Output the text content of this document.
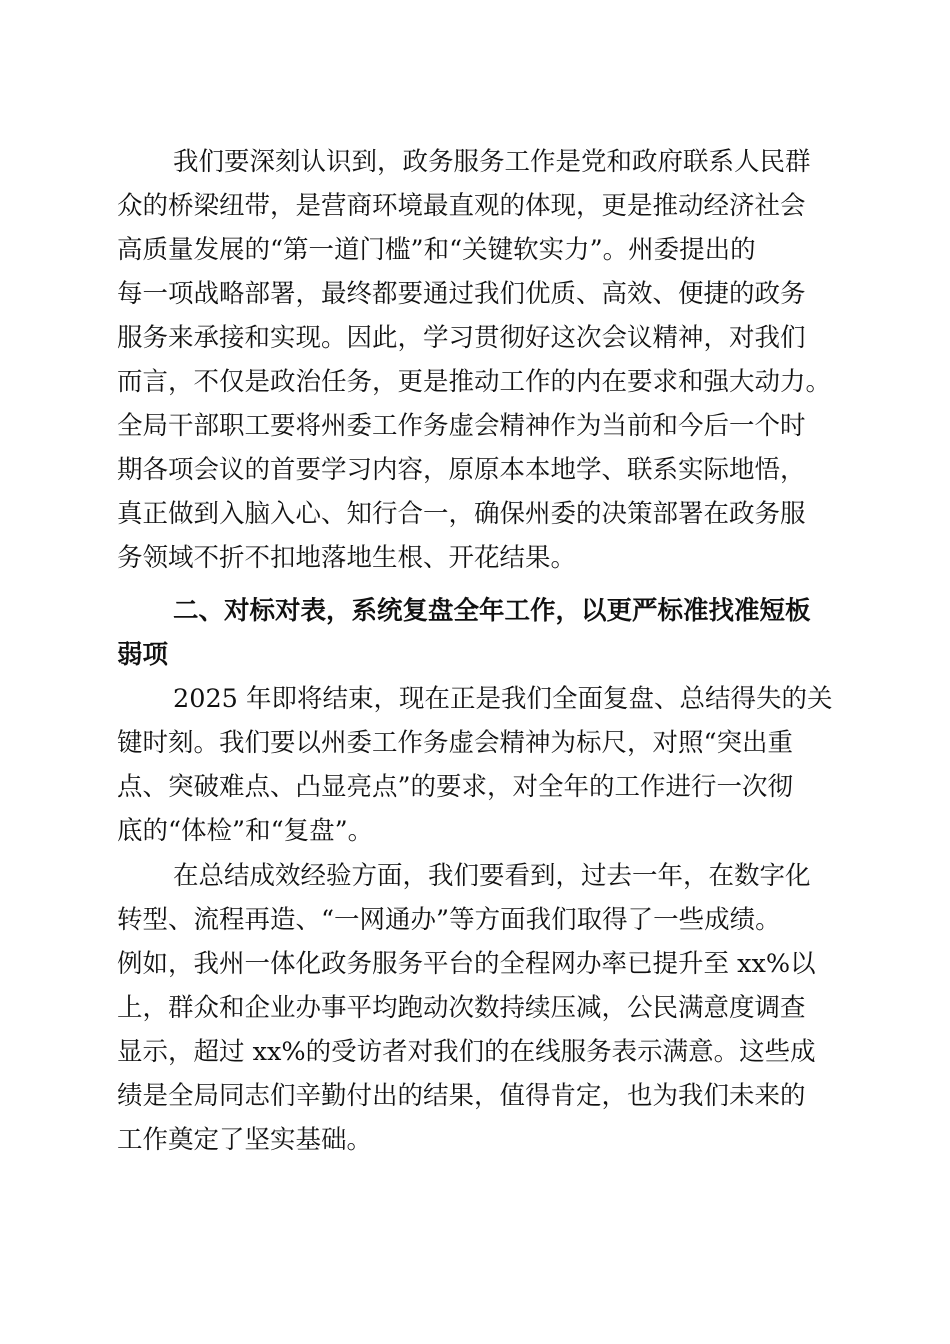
我们要深刻认识到，政务服务工作是党和政府联系人民群
众的桥梁纽带，是营商环境最直观的体现，更是推动经济社会
高质量发展的“第一道门槛”和“关键软实力”。州委提出的
每一项战略部署，最终都要通过我们优质、高效、便捷的政务
服务来承接和实现。因此，学习贯彻好这次会议精神，对我们
而言，不仅是政治任务，更是推动工作的内在要求和强大动力。
全局干部职工要将州委工作务虚会精神作为当前和今后一个时
期各项会议的首要学习内容，原原本本地学、联系实际地悟，
真正做到入脑入心、知行合一，确保州委的决策部署在政务服
务领域不折不扣地落地生根、开花结果。
二、对标对表，系统复盘全年工作，以更严标准找准短板
弱项
2025 年即将结束，现在正是我们全面复盘、总结得失的关
键时刻。我们要以州委工作务虚会精神为标尺，对照“突出重
点、突破难点、凸显亮点”的要求，对全年的工作进行一次彻
底的“体检”和“复盘”。
在总结成效经验方面，我们要看到，过去一年，在数字化
转型、流程再造、“一网通办”等方面我们取得了一些成绩。
例如，我州一体化政务服务平台的全程网办率已提升至 xx%以
上，群众和企业办事平均跑动次数持续压减，公民满意度调查
显示，超过 xx%的受访者对我们的在线服务表示满意。这些成
绩是全局同志们辛勤付出的结果，值得肯定，也为我们未来的
工作奠定了坚实基础。
